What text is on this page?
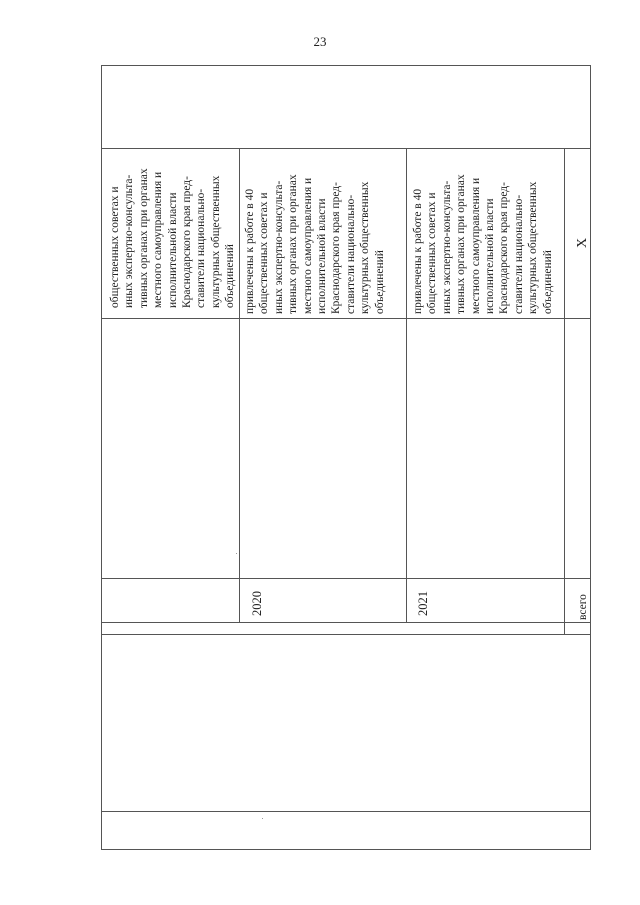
23
общественных советах и иных экспертно-консульта- тивных органах при органах местного самоуправления и исполнительной власти Краснодарского края пред- ставители национально- культурных общественных объединений
2020
привлечены к работе в 40 общественных советах и иных экспертно-консульта- тивных органах при органах местного самоуправления и исполнительной власти Краснодарского края пред- ставители национально- культурных общественных объединений
2021
привлечены к работе в 40 общественных советах и иных экспертно-консульта- тивных органах при органах местного самоуправления и исполнительной власти Краснодарского края пред- ставители национально- культурных общественных объединений
всего
X
